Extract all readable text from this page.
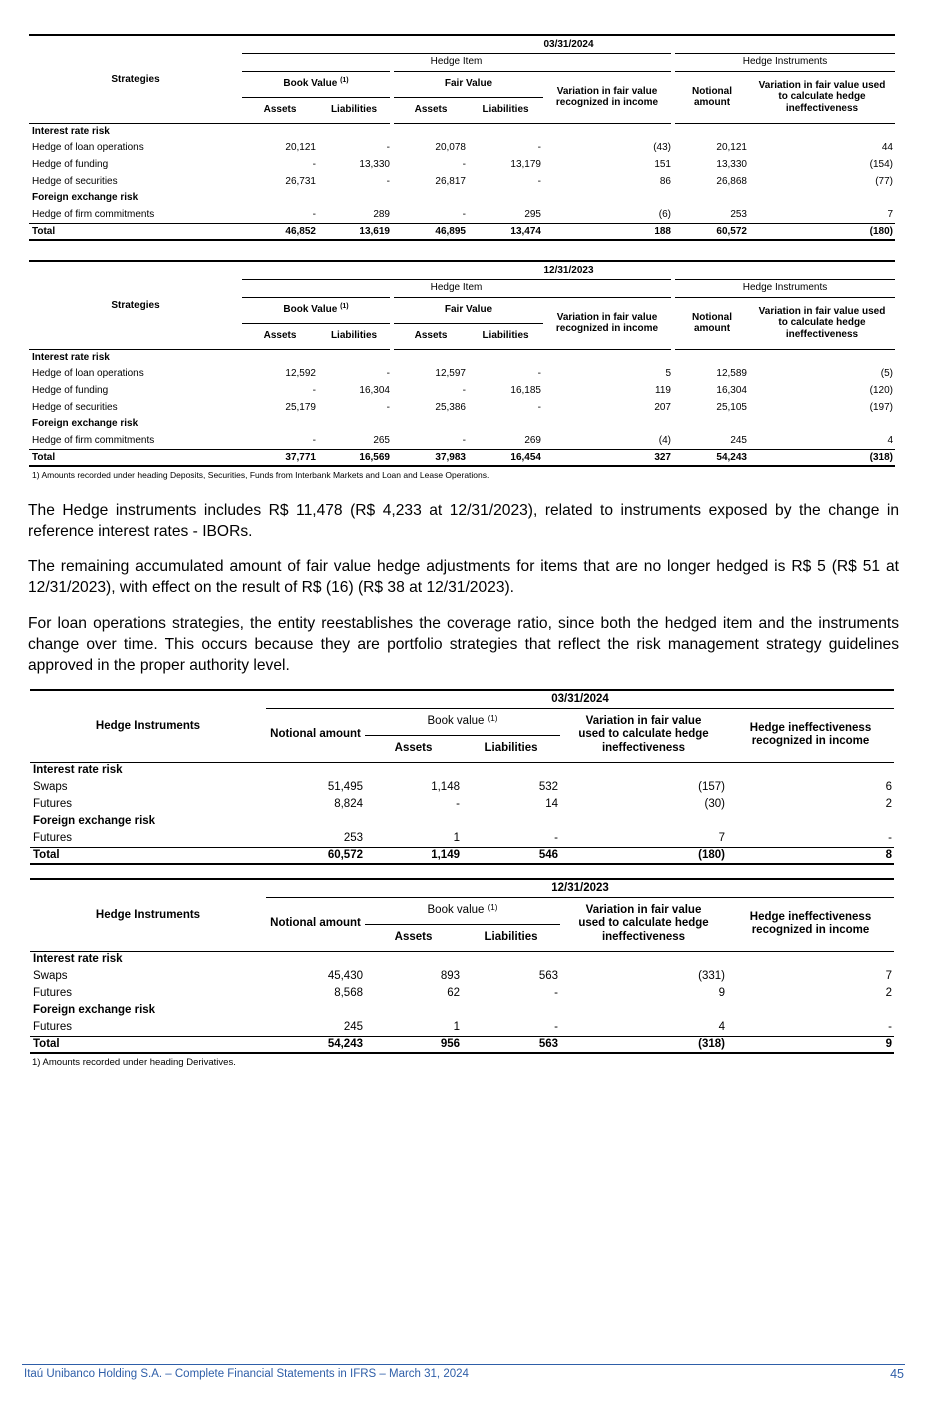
Strategies	03/31/2024						
	Hedge Item					Hedge Instruments	
	Book Value $^{(1)}$		Fair Value		Variation in fair value recognized in income	Notional amount	Variation in fair value used to calculate hedge ineffectiveness
	Assets	Liabilities	Assets	Liabilities			
Interest rate risk							
Hedge of loan operations	20,121	-	20,078	-	(43)	20,121	44
Hedge of funding	-	13,330	-	13,179	151	13,330	(154)
Hedge of securities	26,731	-	26,817	-	86	26,868	(77)
Foreign exchange risk							
Hedge of firm commitments	-	289	-	295	(6)	253	7
Total	46,852	13,619	46,895	13,474	188	60,572	(180)
Strategies	12/31/2023						
	Hedge Item					Hedge Instruments	
	Book Value $^{(1)}$		Fair Value		Variation in fair value recognized in income	Notional amount	Variation in fair value used to calculate hedge ineffectiveness
	Assets	Liabilities	Assets	Liabilities			
Interest rate risk							
Hedge of loan operations	12,592	-	12,597	-	5	12,589	(5)
Hedge of funding	-	16,304	-	16,185	119	16,304	(120)
Hedge of securities	25,179	-	25,386	-	207	25,105	(197)
Foreign exchange risk							
Hedge of firm commitments	-	265	-	269	(4)	245	4
Total	37,771	16,569	37,983	16,454	327	54,243	(318)
1) Amounts recorded under heading Deposits, Securities, Funds from Interbank Markets and Loan and Lease Operations.

The Hedge instruments includes R$ 11,478 (R$ 4,233 at 12/31/2023), related to instruments exposed by the change in reference interest rates - IBORs.

The remaining accumulated amount of fair value hedge adjustments for items that are no longer hedged is R$ 5 (R$ 51 at 12/31/2023), with effect on the result of R$ (16) (R$ 38 at 12/31/2023).

For loan operations strategies, the entity reestablishes the coverage ratio, since both the hedged item and the instruments change over time. This occurs because they are portfolio strategies that reflect the risk management strategy guidelines approved in the proper authority level.

Hedge Instruments	03/31/2024				
	Notional amount	Book value $^{(1)}$		Variation in fair value used to calculate hedge ineffectiveness	Hedge ineffectiveness recognized in income
		Assets	Liabilities		
Interest rate risk					
Swaps	51,495	1,148	532	(157)	6
Futures	8,824	-	14	(30)	2
Foreign exchange risk					
Futures	253	1	-	7	-
Total	60,572	1,149	546	(180)	8
Hedge Instruments	12/31/2023				
	Notional amount	Book value $^{(1)}$		Variation in fair value used to calculate hedge ineffectiveness	Hedge ineffectiveness recognized in income
		Assets	Liabilities		
Interest rate risk					
Swaps	45,430	893	563	(331)	7
Futures	8,568	62	-	9	2
Foreign exchange risk					
Futures	245	1	-	4	-
Total	54,243	956	563	(318)	9
1) Amounts recorded under heading Derivatives.
Itaú Unibanco Holding S.A. – Complete Financial Statements in IFRS – March 31, 2024	45
